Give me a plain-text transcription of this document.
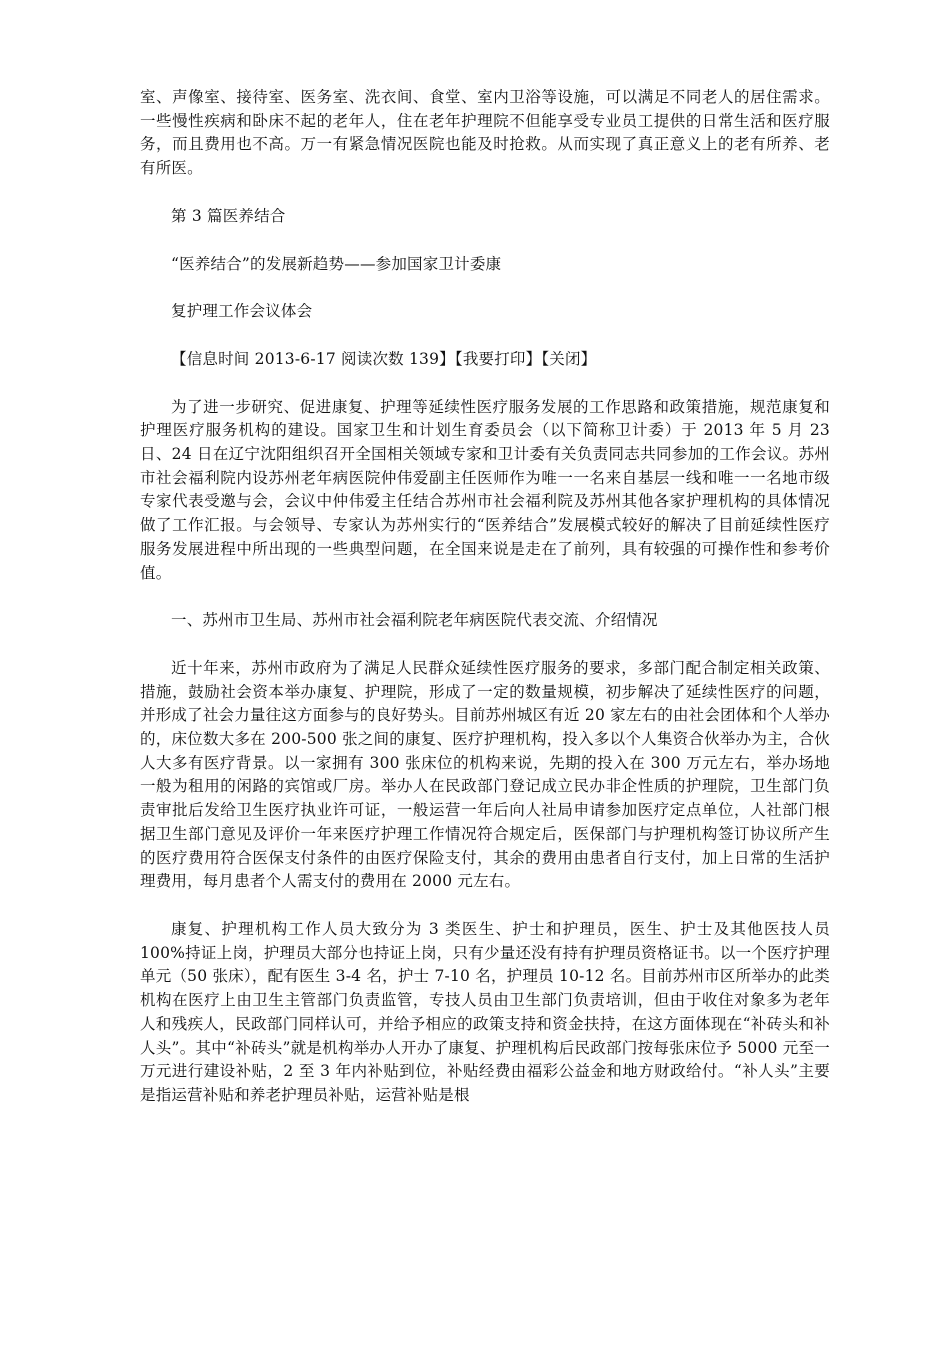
室、声像室、接待室、医务室、洗衣间、食堂、室内卫浴等设施，可以满足不同老人的居住需求。一些慢性疾病和卧床不起的老年人，住在老年护理院不但能享受专业员工提供的日常生活和医疗服务，而且费用也不高。万一有紧急情况医院也能及时抢救。从而实现了真正意义上的老有所养、老有所医。

第 3 篇医养结合

“医养结合”的发展新趋势——参加国家卫计委康

复护理工作会议体会

【信息时间 2013-6-17 阅读次数 139】【我要打印】【关闭】

为了进一步研究、促进康复、护理等延续性医疗服务发展的工作思路和政策措施，规范康复和护理医疗服务机构的建设。国家卫生和计划生育委员会（以下简称卫计委）于 2013 年 5 月 23 日、24 日在辽宁沈阳组织召开全国相关领域专家和卫计委有关负责同志共同参加的工作会议。苏州市社会福利院内设苏州老年病医院仲伟爱副主任医师作为唯一一名来自基层一线和唯一一名地市级专家代表受邀与会，会议中仲伟爱主任结合苏州市社会福利院及苏州其他各家护理机构的具体情况做了工作汇报。与会领导、专家认为苏州实行的“医养结合”发展模式较好的解决了目前延续性医疗服务发展进程中所出现的一些典型问题，在全国来说是走在了前列，具有较强的可操作性和参考价值。

一、苏州市卫生局、苏州市社会福利院老年病医院代表交流、介绍情况

近十年来，苏州市政府为了满足人民群众延续性医疗服务的要求，多部门配合制定相关政策、措施，鼓励社会资本举办康复、护理院，形成了一定的数量规模，初步解决了延续性医疗的问题，并形成了社会力量往这方面参与的良好势头。目前苏州城区有近 20 家左右的由社会团体和个人举办的，床位数大多在 200-500 张之间的康复、医疗护理机构，投入多以个人集资合伙举办为主，合伙人大多有医疗背景。以一家拥有 300 张床位的机构来说，先期的投入在 300 万元左右，举办场地一般为租用的闲路的宾馆或厂房。举办人在民政部门登记成立民办非企性质的护理院，卫生部门负责审批后发给卫生医疗执业许可证，一般运营一年后向人社局申请参加医疗定点单位，人社部门根据卫生部门意见及评价一年来医疗护理工作情况符合规定后，医保部门与护理机构签订协议所产生的医疗费用符合医保支付条件的由医疗保险支付，其余的费用由患者自行支付，加上日常的生活护理费用，每月患者个人需支付的费用在 2000 元左右。

康复、护理机构工作人员大致分为 3 类医生、护士和护理员，医生、护士及其他医技人员 100%持证上岗，护理员大部分也持证上岗，只有少量还没有持有护理员资格证书。以一个医疗护理单元（50 张床），配有医生 3-4 名，护士 7-10 名，护理员 10-12 名。目前苏州市区所举办的此类机构在医疗上由卫生主管部门负责监管，专技人员由卫生部门负责培训，但由于收住对象多为老年人和残疾人，民政部门同样认可，并给予相应的政策支持和资金扶持，在这方面体现在“补砖头和补人头”。其中“补砖头”就是机构举办人开办了康复、护理机构后民政部门按每张床位予 5000 元至一万元进行建设补贴，2 至 3 年内补贴到位，补贴经费由福彩公益金和地方财政给付。“补人头”主要是指运营补贴和养老护理员补贴，运营补贴是根
